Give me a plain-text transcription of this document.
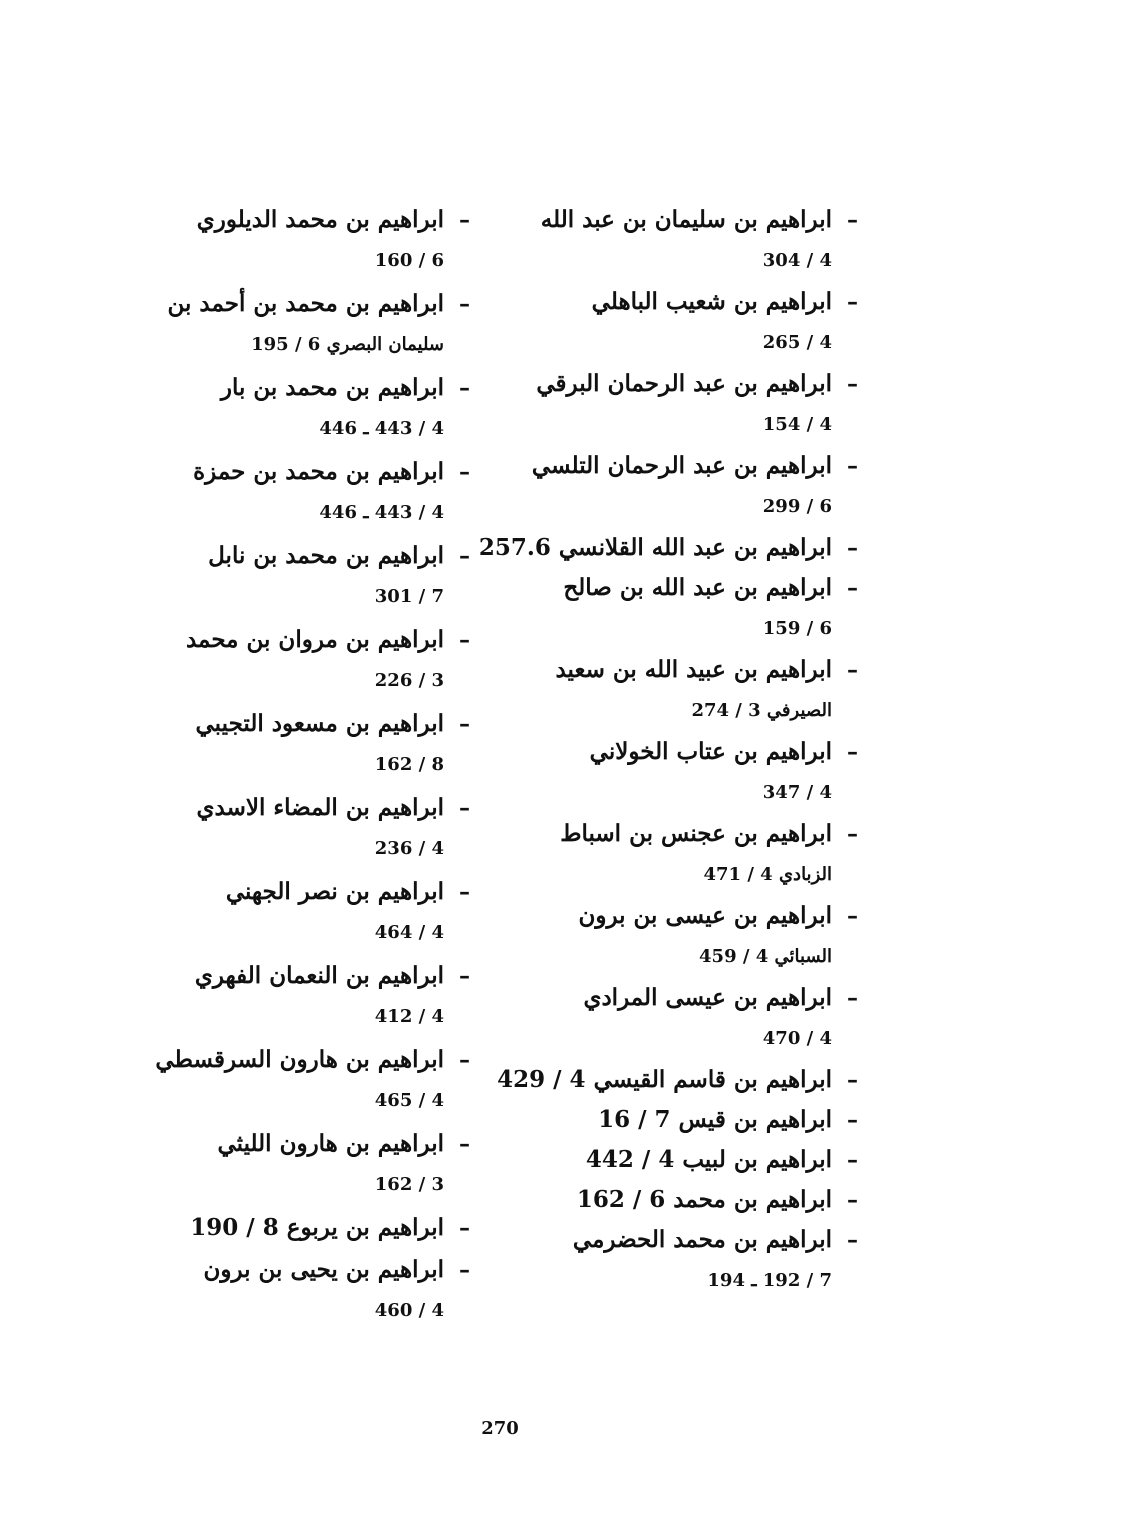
–
ابراهيم بن سليمان بن عبد الله
304 / 4
–
ابراهيم بن شعيب الباهلي
265 / 4
–
ابراهيم بن عبد الرحمان البرقي
154 / 4
–
ابراهيم بن عبد الرحمان التلسي
299 / 6
–
ابراهيم بن عبد الله القلانسي 257.6
–
ابراهيم بن عبد الله بن صالح
159 / 6
–
ابراهيم بن عبيد الله بن سعيد
الصيرفي 3 / 274
–
ابراهيم بن عتاب الخولاني
347 / 4
–
ابراهيم بن عجنس بن اسباط
الزبادي 4 / 471
–
ابراهيم بن عيسى بن برون
السبائي 4 / 459
–
ابراهيم بن عيسى المرادي
470 / 4
–
ابراهيم بن قاسم القيسي 4 / 429
–
ابراهيم بن قيس 7 / 16
–
ابراهيم بن لبيب 4 / 442
–
ابراهيم بن محمد 6 / 162
–
ابراهيم بن محمد الحضرمي
7 / 192 ـ 194
–
ابراهيم بن محمد الديلوري
160 / 6
–
ابراهيم بن محمد بن أحمد بن
سليمان البصري 6 / 195
–
ابراهيم بن محمد بن بار
4 / 443 ـ 446
–
ابراهيم بن محمد بن حمزة
4 / 443 ـ 446
–
ابراهيم بن محمد بن نابل
301 / 7
–
ابراهيم بن مروان بن محمد
226 / 3
–
ابراهيم بن مسعود التجيبي
162 / 8
–
ابراهيم بن المضاء الاسدي
236 / 4
–
ابراهيم بن نصر الجهني
464 / 4
–
ابراهيم بن النعمان الفهري
412 / 4
–
ابراهيم بن هارون السرقسطي
465 / 4
–
ابراهيم بن هارون الليثي
162 / 3
–
ابراهيم بن يربوع 8 / 190
–
ابراهيم بن يحيى بن برون
460 / 4
270
